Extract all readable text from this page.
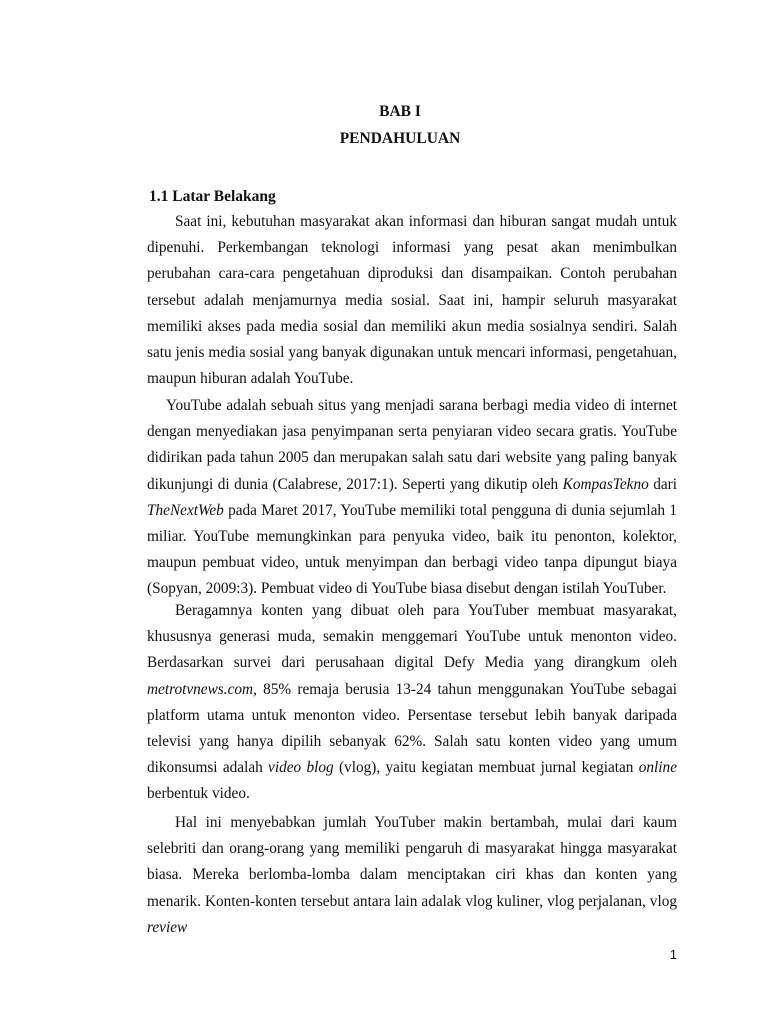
BAB I
PENDAHULUAN
1.1 Latar Belakang

Saat ini, kebutuhan masyarakat akan informasi dan hiburan sangat mudah untuk dipenuhi. Perkembangan teknologi informasi yang pesat akan menimbulkan perubahan cara-cara pengetahuan diproduksi dan disampaikan. Contoh perubahan tersebut adalah menjamurnya media sosial. Saat ini, hampir seluruh masyarakat memiliki akses pada media sosial dan memiliki akun media sosialnya sendiri. Salah satu jenis media sosial yang banyak digunakan untuk mencari informasi, pengetahuan, maupun hiburan adalah YouTube.

YouTube adalah sebuah situs yang menjadi sarana berbagi media video di internet dengan menyediakan jasa penyimpanan serta penyiaran video secara gratis. YouTube didirikan pada tahun 2005 dan merupakan salah satu dari website yang paling banyak dikunjungi di dunia (Calabrese, 2017:1). Seperti yang dikutip oleh KompasTekno dari TheNextWeb pada Maret 2017, YouTube memiliki total pengguna di dunia sejumlah 1 miliar. YouTube memungkinkan para penyuka video, baik itu penonton, kolektor, maupun pembuat video, untuk menyimpan dan berbagi video tanpa dipungut biaya (Sopyan, 2009:3). Pembuat video di YouTube biasa disebut dengan istilah YouTuber.

Beragamnya konten yang dibuat oleh para YouTuber membuat masyarakat, khususnya generasi muda, semakin menggemari YouTube untuk menonton video. Berdasarkan survei dari perusahaan digital Defy Media yang dirangkum oleh metrotvnews.com, 85% remaja berusia 13-24 tahun menggunakan YouTube sebagai platform utama untuk menonton video. Persentase tersebut lebih banyak daripada televisi yang hanya dipilih sebanyak 62%. Salah satu konten video yang umum dikonsumsi adalah video blog (vlog), yaitu kegiatan membuat jurnal kegiatan online berbentuk video.

Hal ini menyebabkan jumlah YouTuber makin bertambah, mulai dari kaum selebriti dan orang-orang yang memiliki pengaruh di masyarakat hingga masyarakat biasa. Mereka berlomba-lomba dalam menciptakan ciri khas dan konten yang menarik. Konten-konten tersebut antara lain adalak vlog kuliner, vlog perjalanan, vlog review

1
